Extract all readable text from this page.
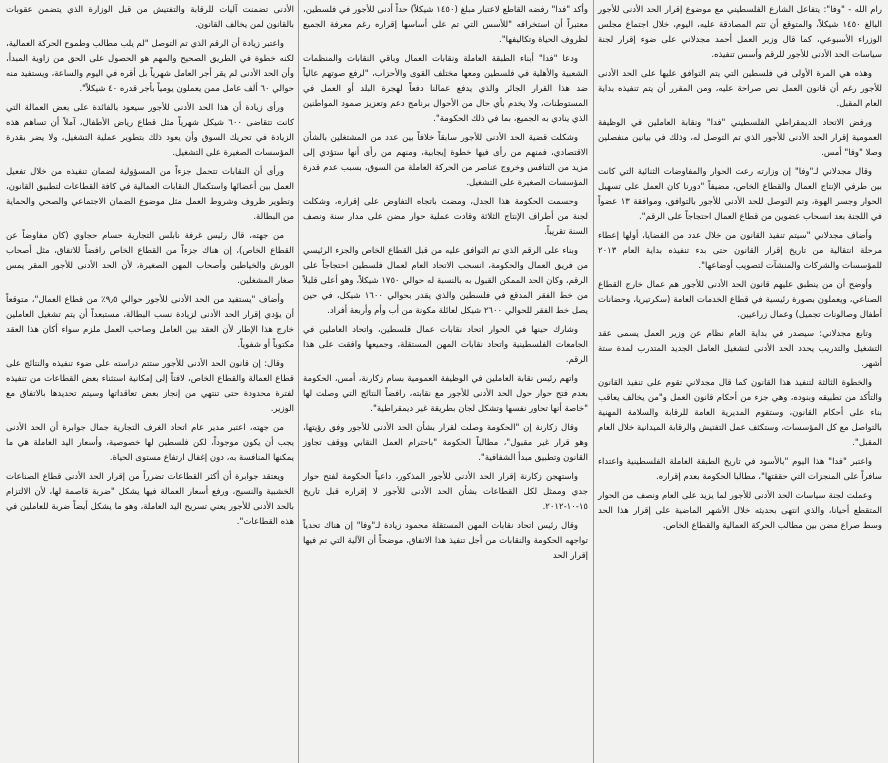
رام الله - "وفا": يتفاعل الشارع الفلسطيني مع موضوع إقرار الحد الأدنى للأجور البالغ ١٤٥٠ شيكلاً، والمتوقع أن تتم المصادقة عليه، اليوم، خلال اجتماع مجلس الوزراء الأسبوعي، كما قال وزير العمل أحمد مجدلاني على ضوء إقرار لجنة سياسات الحد الأدنى للأجور للرقم وأسس تنفيذه.

وهذه هي المرة الأولى في فلسطين التي يتم التوافق عليها على الحد الأدنى للأجور رغم أن قانون العمل نص صراحة عليه، ومن المقرر أن يتم تنفيذه بداية العام المقبل.

ورفض الاتحاد الديمقراطي الفلسطيني "فدا" ونقابة العاملين في الوظيفة العمومية إقرار الحد الأدنى للأجور الذي تم التوصل له، وذلك في بيانين منفصلين وصلا "وفا" أمس.

وقال مجدلاني لـ"وفا" إن وزارته رعت الحوار والمفاوضات الثنائية التي كانت بين طرفي الإنتاج العمال والقطاع الخاص، مضيفاً "دورنا كان العمل على تسهيل الحوار وجسر الهوة، وتم التوصل للحد الأدنى للأجور بالتوافق، وموافقة ١٣ عضواً في اللجنة بعد انسحاب عضوين من قطاع العمال احتجاجاً على الرقم".

وأضاف مجدلاني "سيتم تنفيذ القانون من خلال عدد من القضايا، أولها إعطاء مرحلة انتقالية من تاريخ إقرار القانون حتى بدء تنفيذه بداية العام ٢٠١٣ للمؤسسات والشركات والمنشآت لتصويب أوضاعها".

وأوضح أن من ينطبق عليهم قانون الحد الأدنى للأجور هم عمال خارج القطاع الصناعي، ويعملون بصورة رئيسية في قطاع الخدمات العامة (سكرتيريا، وحضانات أطفال وصالونات تجميل) وعمال زراعيين.

وتابع مجدلاني: سيصدر في بداية العام نظام عن وزير العمل يسمى عقد التشغيل والتدريب يحدد الحد الأدنى لتشغيل العامل الجديد المتدرب لمدة ستة أشهر.

والخطوة الثالثة لتنفيذ هذا القانون كما قال مجدلاني تقوم على تنفيذ القانون والتأكد من تطبيقه وبنوده، وهي جزء من أحكام قانون العمل و"من يخالف يعاقب بناء على أحكام القانون، وستقوم المديرية العامة للرقابة والسلامة المهنية بالتواصل مع كل المؤسسات، وستكثف عمل التفتيش والرقابة الميدانية خلال العام المقبل".

واعتبر "فدا" هذا اليوم "بالأسود في تاريخ الطبقة العاملة الفلسطينية واعتداء سافراً على المنجزات التي حققتها"، مطالبا الحكومة بعدم إقراره.

وعملت لجنة سياسات الحد الأدنى للأجور لما يزيد على العام ونصف من الحوار المتقطع أحيانا، والذي انتهى بحديثه خلال الأشهر الماضية على إقرار هذا الحد وسط صراع مضن بين مطالب الحركة العمالية والقطاع الخاص.

وأكد "فدا" رفضه القاطع لاعتبار مبلغ (١٤٥٠ شيكلاً) حداً أدنى للأجور في فلسطين، معتبراً أن استخرافه "للأسس التي تم على أساسها إقراره رغم معرفة الجميع لظروف الحياة وتكاليفها".

ودعا "فدا" أبناء الطبقة العاملة ونقابات العمال وباقي النقابات والمنظمات الشعبية والأهلية في فلسطين ومعها مختلف القوى والأحزاب، "لرفع صوتهم عالياً ضد هذا القرار الجائر والذي يدفع عمالنا دفعاً لهجرة البلد أو العمل في المستوطنات، ولا يخدم بأي حال من الأحوال برنامج دعم وتعزيز صمود المواطنين الذي ينادي به الجميع، بما في ذلك الحكومة".

وشكلت قضية الحد الأدنى للأجور سابقاً خلافاً بين عدد من المشتغلين بالشأن الاقتصادي، فمنهم من رأى فيها خطوة إيجابية، ومنهم من رأى أنها ستؤدي إلى مزيد من التنافس وخروج عناصر من الحركة العاملة من السوق، بسبب عدم قدرة المؤسسات الصغيرة على التشغيل.

وحسمت الحكومة هذا الجدل، ومضت باتجاه التفاوض على إقراره، وشكلت لجنة من أطراف الإنتاج الثلاثة وقادت عملية حوار مضن على مدار سنة ونصف السنة تقريباً.

وبناء على الرقم الذي تم التوافق عليه من قبل القطاع الخاص والجزء الرئيسي من فريق العمال والحكومة، انسحب الاتحاد العام لعمال فلسطين احتجاجاً على الرقم، وكان الحد الممكن القبول به بالنسبة له حوالي ١٧٥٠ شيكلاً، وهو أعلى قليلاً من خط الفقر المدقع في فلسطين والذي يقدر بحوالي ١٦٠٠ شيكل، في حين يصل خط الفقر للحوالي ٢٦٠٠ شيكل لعائلة مكونة من أب وأم وأربعة أفراد.

وشارك حينها في الحوار اتحاد نقابات عمال فلسطين، واتحاد العاملين في الجامعات الفلسطينية واتحاد نقابات المهن المستقلة، وجميعها وافقت على هذا الرقم.

واتهم رئيس نقابة العاملين في الوظيفة العمومية بسام زكارنة، أمس، الحكومة بعدم فتح حوار حول الحد الأدنى للأجور مع نقابته، رافضاً النتائج التي وصلت لها "خاصة أنها تحاور نفسها وتشكل لجان بطريقة غير ديمقراطية".

وقال زكارنة إن "الحكومة وصلت لقرار بشأن الحد الأدنى للأجور وفق رؤيتها، وهو قرار غير مقبول"، مطالباً الحكومة "باحترام العمل النقابي ووقف تجاوز القانون وتطبيق مبدأ الشفافية".

واستهجن زكارنة إقرار الحد الأدنى للأجور المذكور، داعياً الحكومة لفتح حوار جدي وممثل لكل القطاعات بشأن الحد الأدنى للأجور لا إقراره قبل تاريخ ١٥-١٠-٢٠١٢.

وقال رئيس اتحاد نقابات المهن المستقلة محمود زيادة لـ"وفا" إن هناك تحدياً تواجهه الحكومة والنقابات من أجل تنفيذ هذا الاتفاق، موضحاً أن الآلية التي تم فيها إقرار الحد

الأدنى تضمنت آليات للرقابة والتفتيش من قبل الوزارة الذي يتضمن عقوبات بالقانون لمن يخالف القانون.

واعتبر زيادة أن الرقم الذي تم التوصل "لم يلب مطالب وطموح الحركة العمالية، لكنه خطوة في الطريق الصحيح والمهم هو الحصول على الحق من زاوية المبدأ، وأن الحد الأدنى لم يقر أجر العامل شهرياً بل أقره في اليوم والساعة، ويستفيد منه حوالي ٦٠ ألف عامل ممن يعملون يومياً بأجر قدره ٤٠ شيكلاً".

ورأى زيادة أن هذا الحد الأدنى للأجور سيعود بالفائدة على بعض العمالة التي كانت تتقاضى ٦٠٠ شيكل شهرياً مثل قطاع رياض الأطفال، آملاً أن تساهم هذه الزيادة في تحريك السوق وأن يعود ذلك بتطوير عملية التشغيل، ولا يضر بقدرة المؤسسات الصغيرة على التشغيل.

ورأى أن النقابات تتحمل جزءاً من المسؤولية لضمان تنفيذه من خلال تفعيل العمل بين أعضائها واستكمال النقابات العمالية في كافة القطاعات لتطبيق القانون، وتطوير ظروف وشروط العمل مثل موضوع الضمان الاجتماعي والصحي والحماية من البطالة.

من جهته، قال رئيس غرفة نابلس التجارية حسام حجاوي (كان مفاوضاً عن القطاع الخاص)، إن هناك جزءاً من القطاع الخاص رافضاً للاتفاق، مثل أصحاب الورش والخياطين وأصحاب المهن الصغيرة، لأن الحد الأدنى للأجور المقر يمس صغار المشغلين.

وأضاف "يستفيد من الحد الأدنى للأجور حوالي ٩٫٥٪ من قطاع العمال"، متوقعاً أن يؤدي إقرار الحد الأدنى لزيادة نسب البطالة، مستبعداً أن يتم تشغيل العاملين خارج هذا الإطار لأن العقد بين العامل وصاحب العمل ملزم سواء أكان هذا العقد مكتوباً أو شفوياً.

وقال: إن قانون الحد الأدنى للأجور ستتم دراسته على ضوء تنفيذه والنتائج على قطاع العمالة والقطاع الخاص، لافتاً إلى إمكانية استثناء بعض القطاعات من تنفيذه لفترة محدودة حتى تنتهي من إنجاز بعض تعاقداتها وسيتم تحديدها بالاتفاق مع الوزير.

من جهته، اعتبر مدير عام اتحاد الغرف التجارية جمال جوابرة أن الحد الأدنى يجب أن يكون موجوداً، لكن فلسطين لها خصوصية، وأسعار اليد العاملة هي ما يمكنها المنافسة به، دون إغفال ارتفاع مستوى الحياة.

ويعتقد جوابرة أن أكثر القطاعات تضرراً من إقرار الحد الأدنى قطاع الصناعات الخشبية والنسيج، ورفع أسعار العمالة فيها يشكل "ضربة قاصمة لها، لأن الالتزام بالحد الأدنى للأجور يعني تسريح اليد العاملة، وهو ما يشكل أيضاً ضربة للعاملين في هذه القطاعات".
